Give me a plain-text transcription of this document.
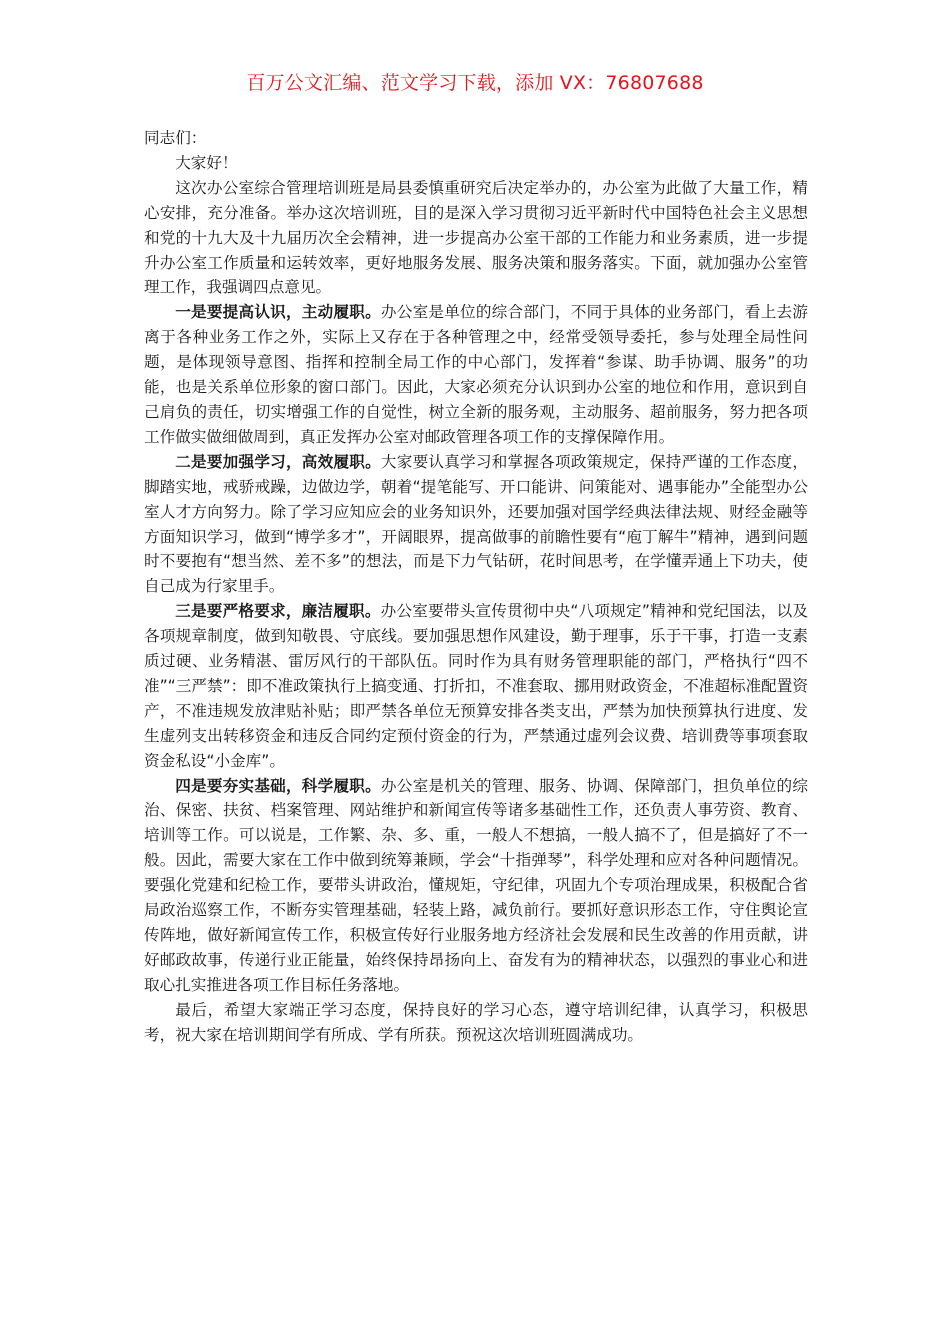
百万公文汇编、范文学习下载，添加 VX：76807688

同志们：

大家好！

这次办公室综合管理培训班是局县委慎重研究后决定举办的，办公室为此做了大量工作，精心安排，充分准备。举办这次培训班，目的是深入学习贯彻习近平新时代中国特色社会主义思想和党的十九大及十九届历次全会精神，进一步提高办公室干部的工作能力和业务素质，进一步提升办公室工作质量和运转效率，更好地服务发展、服务决策和服务落实。下面，就加强办公室管理工作，我强调四点意见。

一是要提高认识，主动履职。办公室是单位的综合部门，不同于具体的业务部门，看上去游离于各种业务工作之外，实际上又存在于各种管理之中，经常受领导委托，参与处理全局性问题，是体现领导意图、指挥和控制全局工作的中心部门，发挥着“参谋、助手协调、服务”的功能，也是关系单位形象的窗口部门。因此，大家必须充分认识到办公室的地位和作用，意识到自己肩负的责任，切实增强工作的自觉性，树立全新的服务观，主动服务、超前服务，努力把各项工作做实做细做周到，真正发挥办公室对邮政管理各项工作的支撑保障作用。

二是要加强学习，高效履职。大家要认真学习和掌握各项政策规定，保持严谨的工作态度，脚踏实地，戒骄戒躁，边做边学，朝着“提笔能写、开口能讲、问策能对、遇事能办”全能型办公室人才方向努力。除了学习应知应会的业务知识外，还要加强对国学经典法律法规、财经金融等方面知识学习，做到“博学多才”，开阔眼界，提高做事的前瞻性要有“庖丁解牛”精神，遇到问题时不要抱有“想当然、差不多”的想法，而是下力气钻研，花时间思考，在学懂弄通上下功夫，使自己成为行家里手。

三是要严格要求，廉洁履职。办公室要带头宣传贯彻中央“八项规定”精神和党纪国法，以及各项规章制度，做到知敬畏、守底线。要加强思想作风建设，勤于理事，乐于干事，打造一支素质过硬、业务精湛、雷厉风行的干部队伍。同时作为具有财务管理职能的部门，严格执行“四不准”“三严禁”：即不准政策执行上搞变通、打折扣，不准套取、挪用财政资金，不准超标准配置资产，不准违规发放津贴补贴；即严禁各单位无预算安排各类支出，严禁为加快预算执行进度、发生虚列支出转移资金和违反合同约定预付资金的行为，严禁通过虚列会议费、培训费等事项套取资金私设“小金库”。

四是要夯实基础，科学履职。办公室是机关的管理、服务、协调、保障部门，担负单位的综治、保密、扶贫、档案管理、网站维护和新闻宣传等诸多基础性工作，还负责人事劳资、教育、培训等工作。可以说是，工作繁、杂、多、重，一般人不想搞，一般人搞不了，但是搞好了不一般。因此，需要大家在工作中做到统筹兼顾，学会“十指弹琴”，科学处理和应对各种问题情况。要强化党建和纪检工作，要带头讲政治，懂规矩，守纪律，巩固九个专项治理成果，积极配合省局政治巡察工作，不断夯实管理基础，轻装上路，减负前行。要抓好意识形态工作，守住舆论宣传阵地，做好新闻宣传工作，积极宣传好行业服务地方经济社会发展和民生改善的作用贡献，讲好邮政故事，传递行业正能量，始终保持昂扬向上、奋发有为的精神状态，以强烈的事业心和进取心扎实推进各项工作目标任务落地。

最后，希望大家端正学习态度，保持良好的学习心态，遵守培训纪律，认真学习，积极思考，祝大家在培训期间学有所成、学有所获。预祝这次培训班圆满成功。
